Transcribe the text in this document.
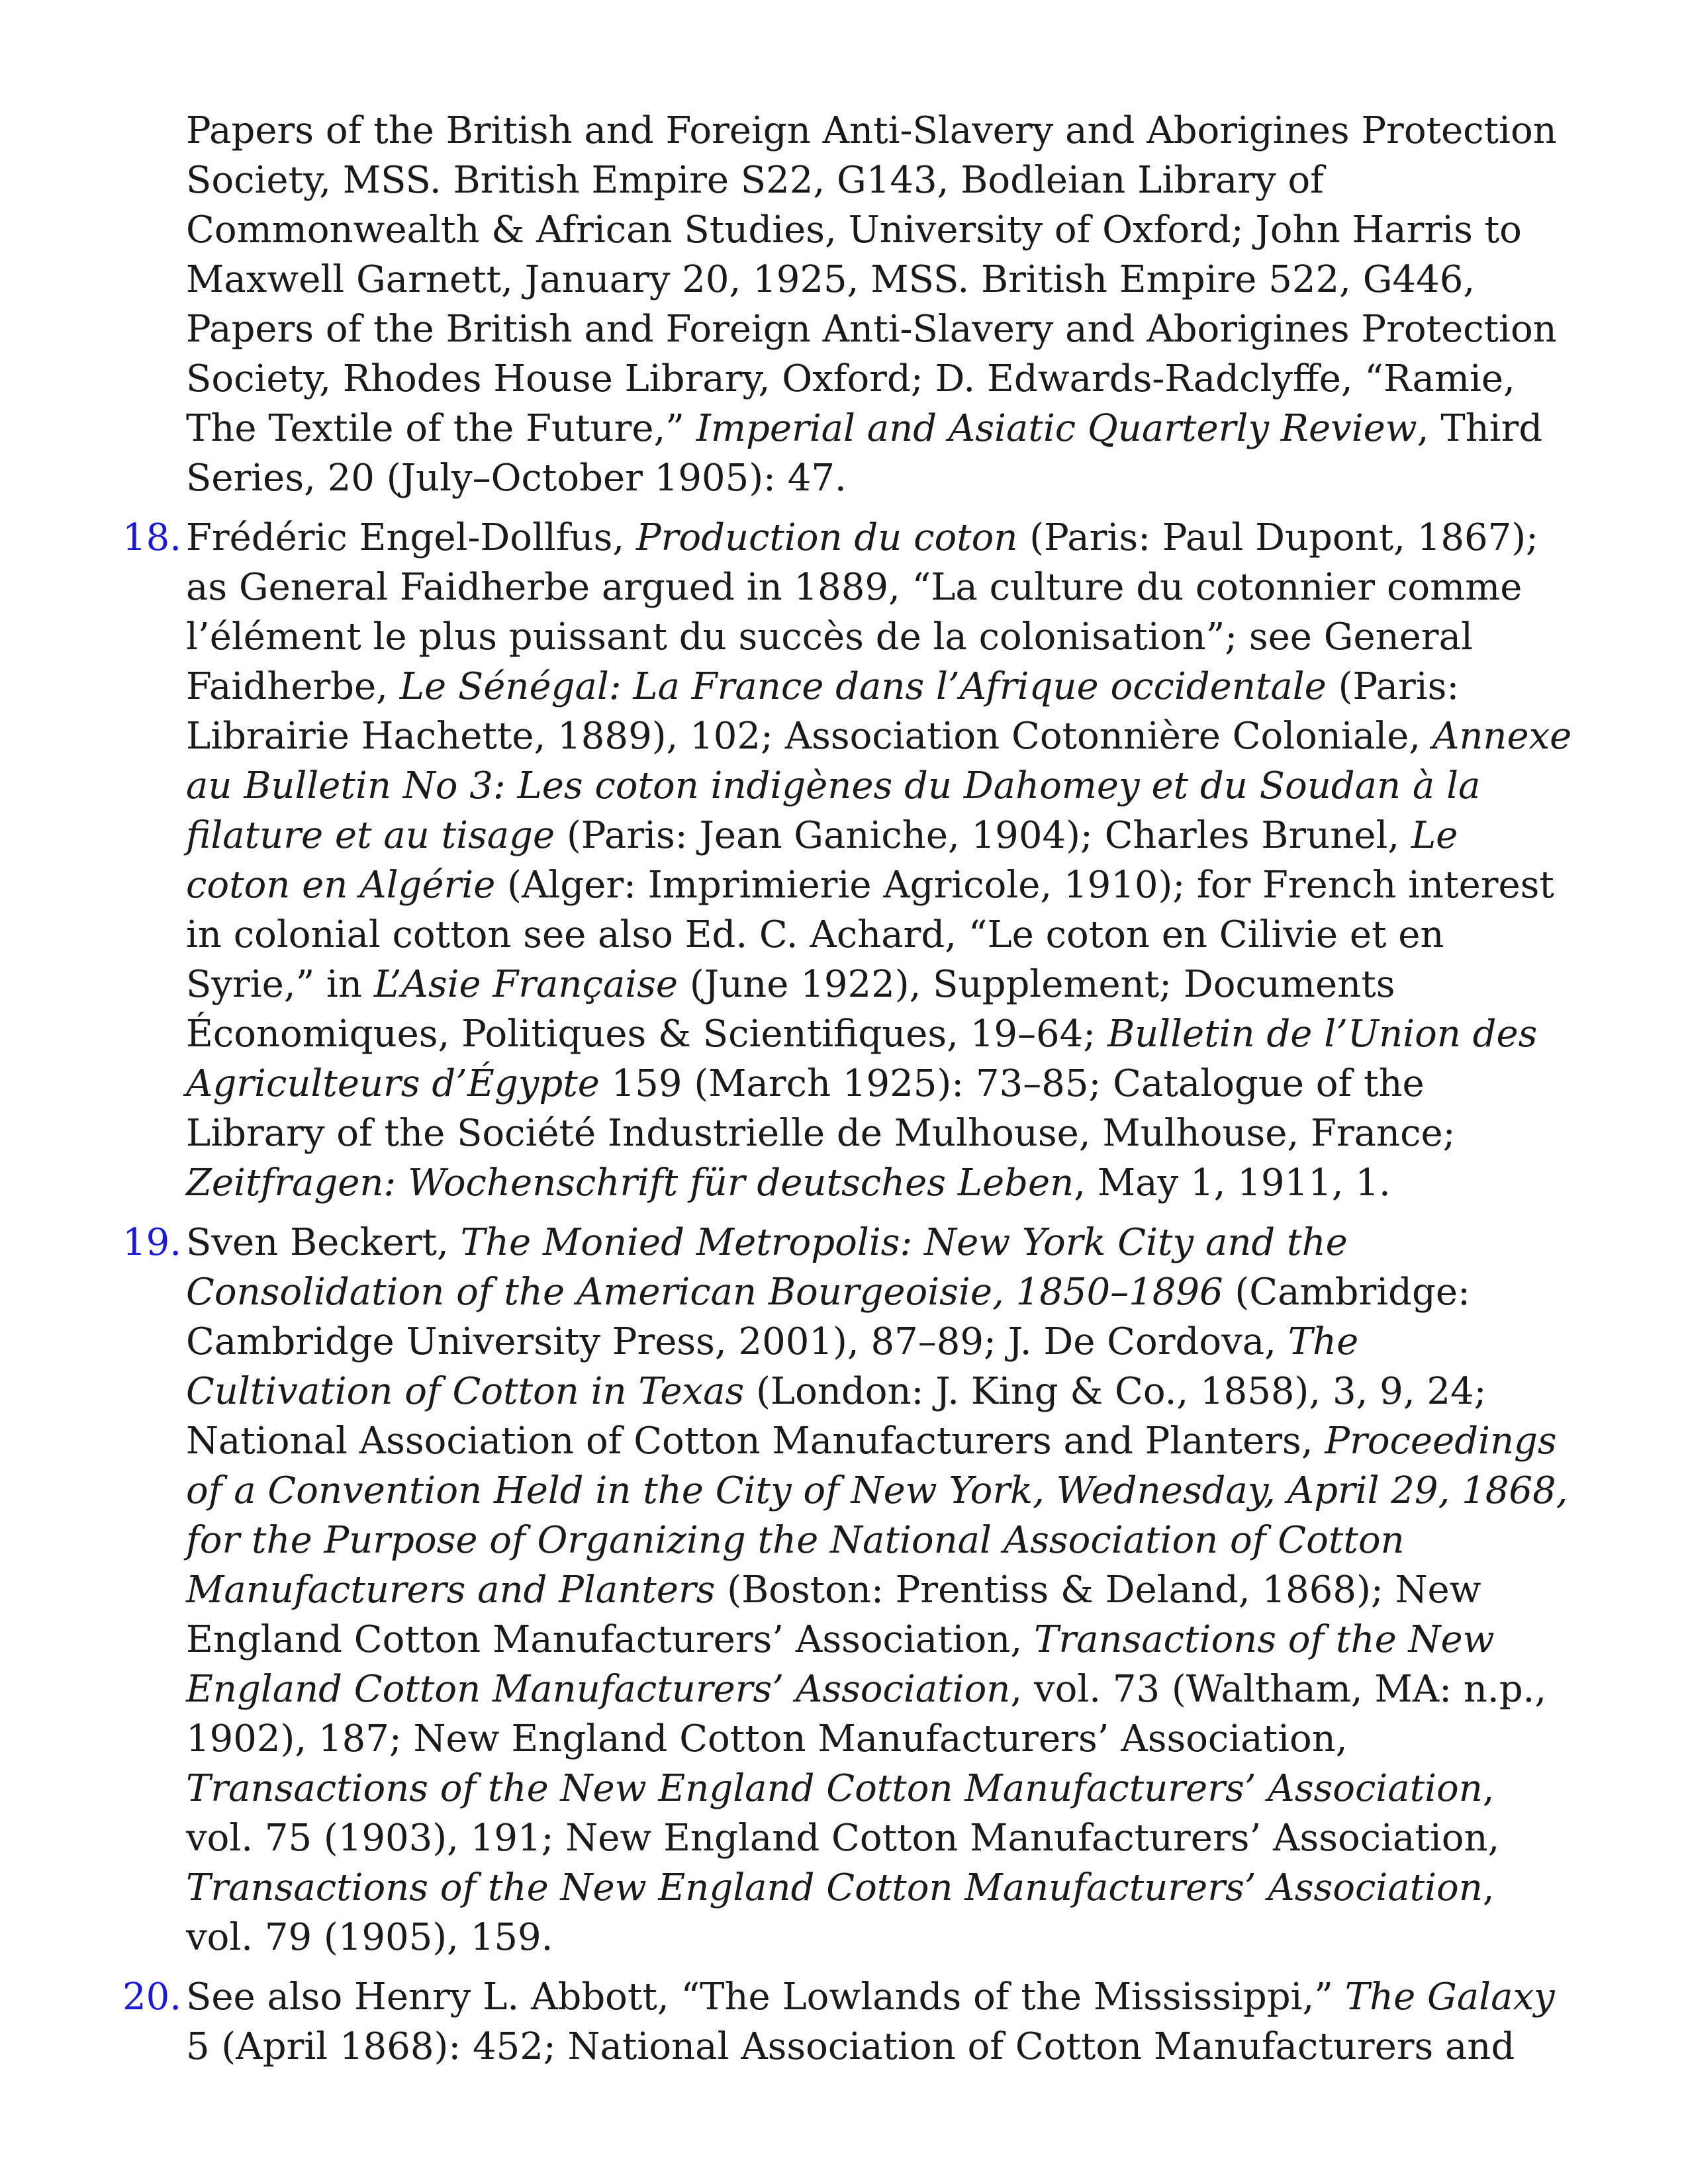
Papers of the British and Foreign Anti-Slavery and Aborigines Protection Society, MSS. British Empire S22, G143, Bodleian Library of Commonwealth & African Studies, University of Oxford; John Harris to Maxwell Garnett, January 20, 1925, MSS. British Empire 522, G446, Papers of the British and Foreign Anti-Slavery and Aborigines Protection Society, Rhodes House Library, Oxford; D. Edwards-Radclyffe, “Ramie, The Textile of the Future,” Imperial and Asiatic Quarterly Review, Third Series, 20 (July–October 1905): 47.

18. Frédéric Engel-Dollfus, Production du coton (Paris: Paul Dupont, 1867); as General Faidherbe argued in 1889, “La culture du cotonnier comme l’élément le plus puissant du succès de la colonisation”; see General Faidherbe, Le Sénégal: La France dans l’Afrique occidentale (Paris: Librairie Hachette, 1889), 102; Association Cotonnière Coloniale, Annexe au Bulletin No 3: Les coton indigènes du Dahomey et du Soudan à la filature et au tisage (Paris: Jean Ganiche, 1904); Charles Brunel, Le coton en Algérie (Alger: Imprimierie Agricole, 1910); for French interest in colonial cotton see also Ed. C. Achard, “Le coton en Cilivie et en Syrie,” in L’Asie Française (June 1922), Supplement; Documents Économiques, Politiques & Scientifiques, 19–64; Bulletin de l’Union des Agriculteurs d’Égypte 159 (March 1925): 73–85; Catalogue of the Library of the Société Industrielle de Mulhouse, Mulhouse, France; Zeitfragen: Wochenschrift für deutsches Leben, May 1, 1911, 1.

19. Sven Beckert, The Monied Metropolis: New York City and the Consolidation of the American Bourgeoisie, 1850–1896 (Cambridge: Cambridge University Press, 2001), 87–89; J. De Cordova, The Cultivation of Cotton in Texas (London: J. King & Co., 1858), 3, 9, 24; National Association of Cotton Manufacturers and Planters, Proceedings of a Convention Held in the City of New York, Wednesday, April 29, 1868, for the Purpose of Organizing the National Association of Cotton Manufacturers and Planters (Boston: Prentiss & Deland, 1868); New England Cotton Manufacturers’ Association, Transactions of the New England Cotton Manufacturers’ Association, vol. 73 (Waltham, MA: n.p., 1902), 187; New England Cotton Manufacturers’ Association, Transactions of the New England Cotton Manufacturers’ Association, vol. 75 (1903), 191; New England Cotton Manufacturers’ Association, Transactions of the New England Cotton Manufacturers’ Association, vol. 79 (1905), 159.

20. See also Henry L. Abbott, “The Lowlands of the Mississippi,” The Galaxy 5 (April 1868): 452; National Association of Cotton Manufacturers and
